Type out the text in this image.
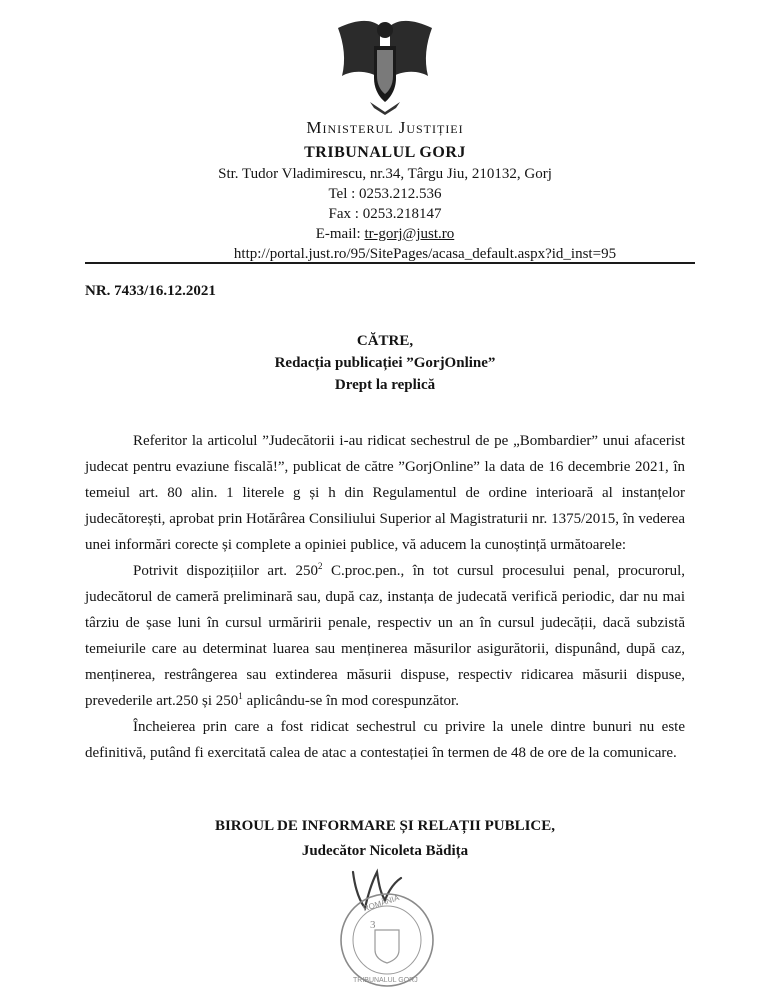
Ministerul Justiției
TRIBUNALUL GORJ
Str. Tudor Vladimirescu, nr.34, Târgu Jiu, 210132, Gorj
Tel : 0253.212.536
Fax : 0253.218147
E-mail: tr-gorj@just.ro
http://portal.just.ro/95/SitePages/acasa_default.aspx?id_inst=95
NR. 7433/16.12.2021
CĂTRE,
Redacția publicației ”GorjOnline”
Drept la replică

Referitor la articolul ”Judecătorii i-au ridicat sechestrul de pe „Bombardier” unui afacerist judecat pentru evaziune fiscală!”, publicat de către ”GorjOnline” la data de 16 decembrie 2021, în temeiul art. 80 alin. 1 literele g și h din Regulamentul de ordine interioară al instanțelor judecătorești, aprobat prin Hotărârea Consiliului Superior al Magistraturii nr. 1375/2015, în vederea unei informări corecte și complete a opiniei publice, vă aducem la cunoștință următoarele:

Potrivit dispozițiilor art. $250^2$ C.proc.pen., în tot cursul procesului penal, procurorul, judecătorul de cameră preliminară sau, după caz, instanța de judecată verifică periodic, dar nu mai târziu de șase luni în cursul urmăririi penale, respectiv un an în cursul judecății, dacă subzistă temeiurile care au determinat luarea sau menținerea măsurilor asigurătorii, dispunând, după caz, menținerea, restrângerea sau extinderea măsurii dispuse, respectiv ridicarea măsurii dispuse, prevederile art.250 și $250^1$ aplicându-se în mod corespunzător.

Încheierea prin care a fost ridicat sechestrul cu privire la unele dintre bunuri nu este definitivă, putând fi exercitată calea de atac a contestației în termen de 48 de ore de la comunicare.

BIROUL DE INFORMARE ȘI RELAȚII PUBLICE,
Judecător Nicoleta Bădița
3
ROMÂNIA
TRIBUNALUL GORJ
